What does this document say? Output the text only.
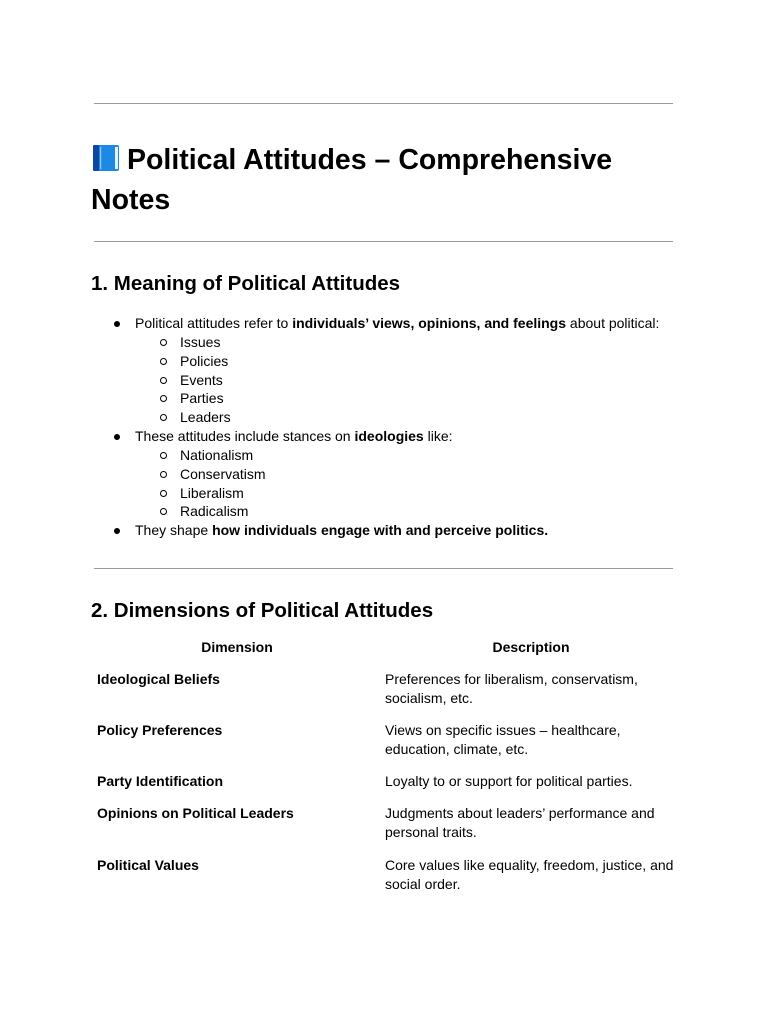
Political Attitudes – Comprehensive Notes
1. Meaning of Political Attitudes
Political attitudes refer to individuals’ views, opinions, and feelings about political:
Issues
Policies
Events
Parties
Leaders
These attitudes include stances on ideologies like:
Nationalism
Conservatism
Liberalism
Radicalism
They shape how individuals engage with and perceive politics.
2. Dimensions of Political Attitudes
Dimension	Description
Ideological Beliefs	Preferences for liberalism, conservatism, socialism, etc.
Policy Preferences	Views on specific issues – healthcare, education, climate, etc.
Party Identification	Loyalty to or support for political parties.
Opinions on Political Leaders	Judgments about leaders’ performance and personal traits.
Political Values	Core values like equality, freedom, justice, and social order.
